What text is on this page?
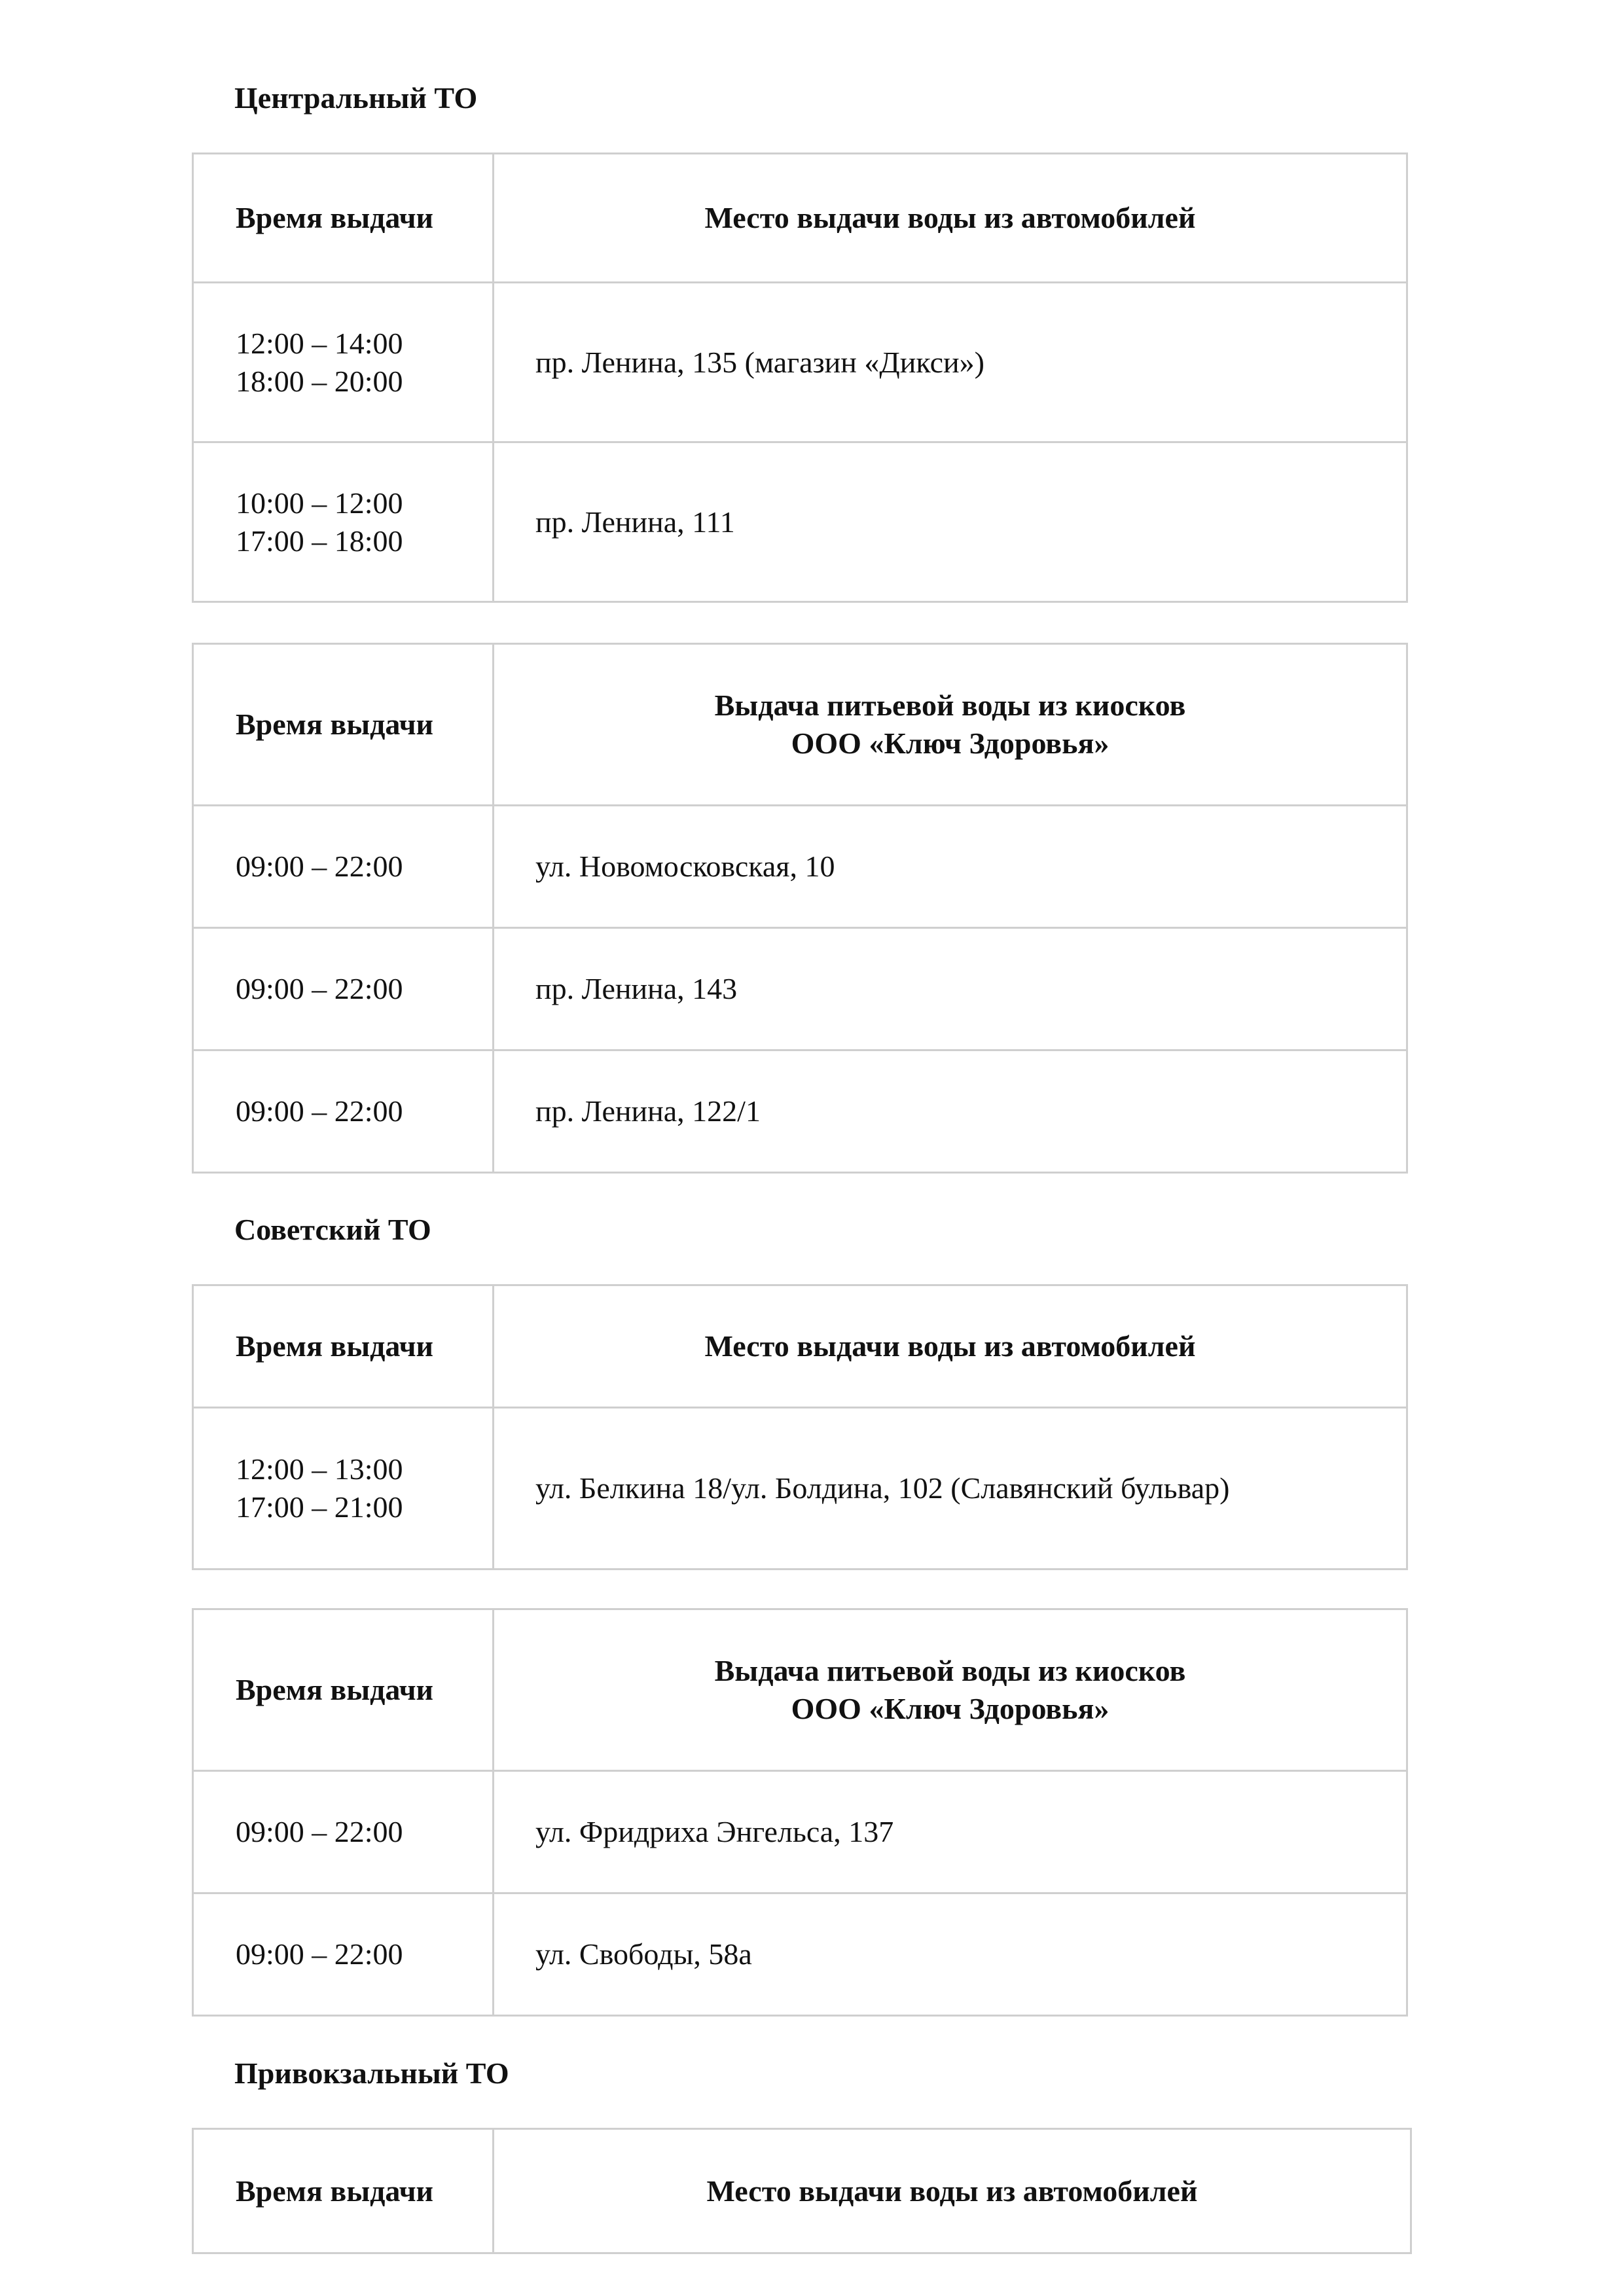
Центральный ТО
Время выдачи	Место выдачи воды из автомобилей

12:00 – 14:00
18:00 – 20:00	пр. Ленина, 135 (магазин «Дикси»)

10:00 – 12:00
17:00 – 18:00	пр. Ленина, 111
Время выдачи	Выдача питьевой воды из киосков
ООО «Ключ Здоровья»

09:00 – 22:00	ул. Новомосковская, 10

09:00 – 22:00	пр. Ленина, 143

09:00 – 22:00	пр. Ленина, 122/1
Советский ТО
Время выдачи	Место выдачи воды из автомобилей

12:00 – 13:00
17:00 – 21:00	ул. Белкина 18/ул. Болдина, 102 (Славянский бульвар)
Время выдачи	Выдача питьевой воды из киосков
ООО «Ключ Здоровья»

09:00 – 22:00	ул. Фридриха Энгельса, 137

09:00 – 22:00	ул. Свободы, 58а
Привокзальный ТО
Время выдачи	Место выдачи воды из автомобилей
